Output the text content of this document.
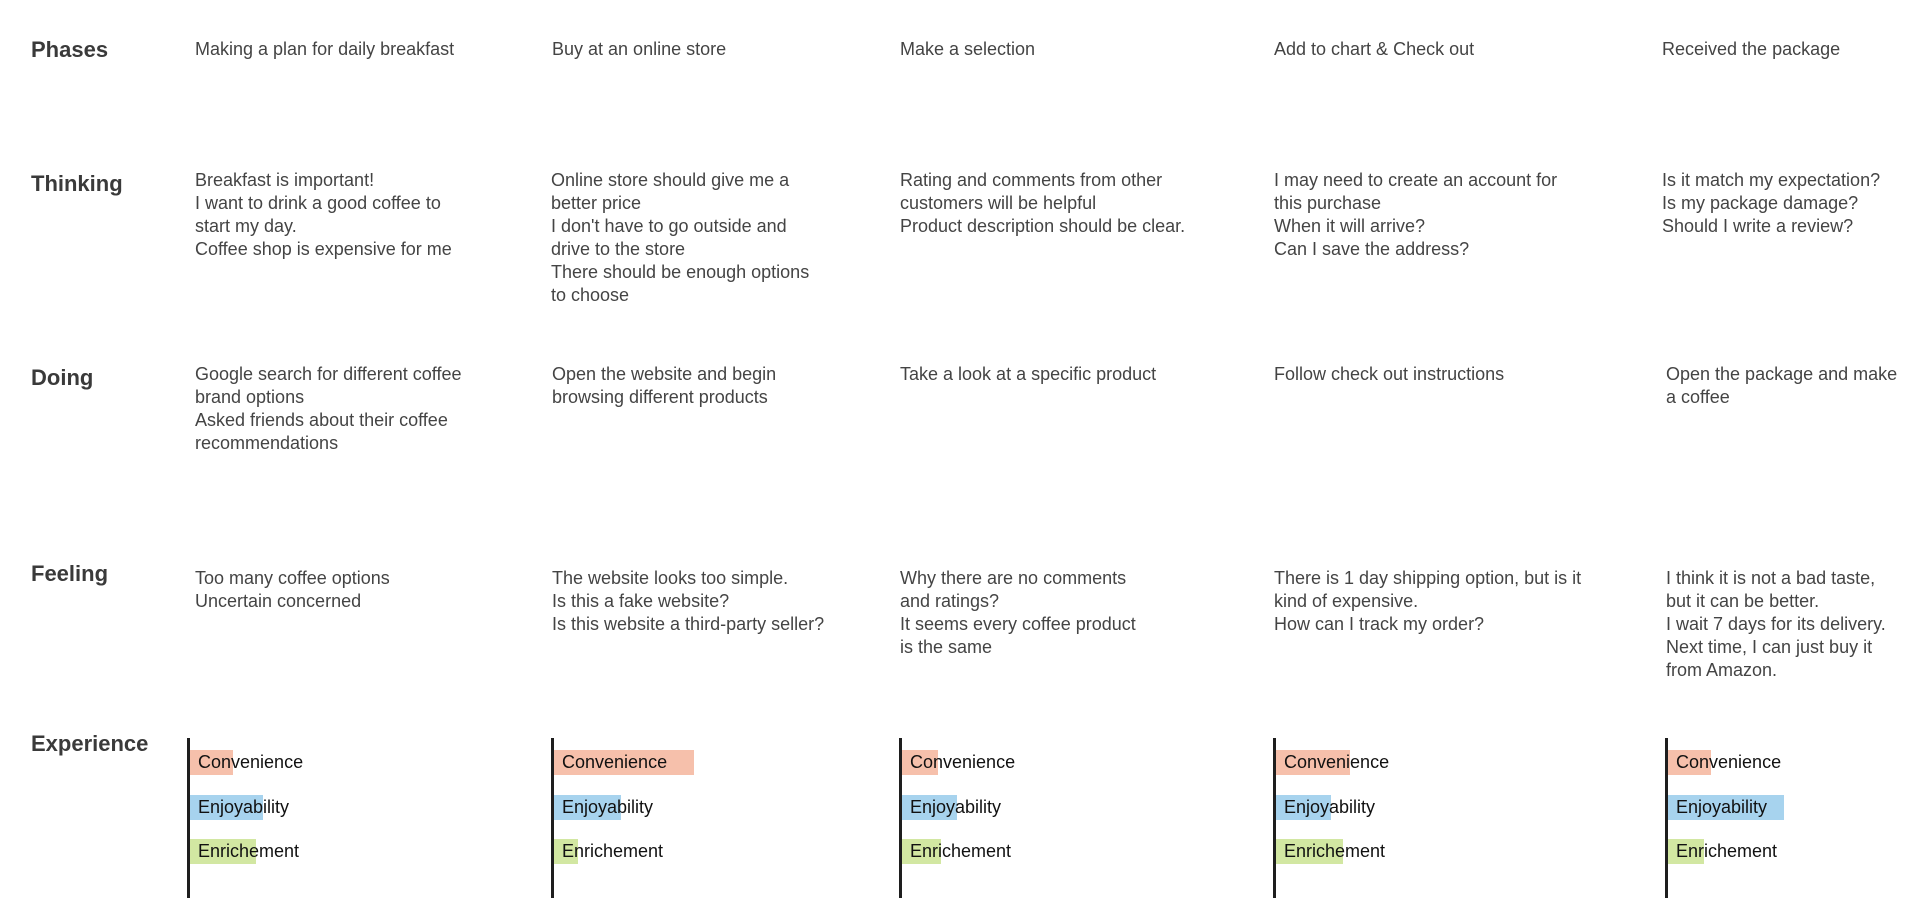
Phases
Thinking
Doing
Feeling
Experience
Making a plan for daily breakfast
Breakfast is important!
I want to drink a good coffee to
start my day.
Coffee shop is expensive for me
Google search for different coffee
brand options
Asked friends about their coffee
recommendations
Too many coffee options
Uncertain concerned
Convenience
Enjoyability
Enrichement
Buy at an online store
Online store should give me a
better price
I don't have to go outside and
drive to the store
There should be enough options
to choose
Open the website and begin
browsing different products
The website looks too simple.
Is this a fake website?
Is this website a third-party seller?
Convenience
Enjoyability
Enrichement
Make a selection
Rating and comments from other
customers will be helpful
Product description should be clear.
Take a look at a specific product
Why there are no comments
and ratings?
It seems every coffee product
is the same
Convenience
Enjoyability
Enrichement
Add to chart & Check out
I may need to create an account for
this purchase
When it will arrive?
Can I save the address?
Follow check out instructions
There is 1 day shipping option, but is it
kind of expensive.
How can I track my order?
Convenience
Enjoyability
Enrichement
Received the package
Is it match my expectation?
Is my package damage?
Should I write a review?
Open the package and make
a coffee
I think it is not a bad taste,
but it can be better.
I wait 7 days for its delivery.
Next time, I can just buy it
from Amazon.
Convenience
Enjoyability
Enrichement
